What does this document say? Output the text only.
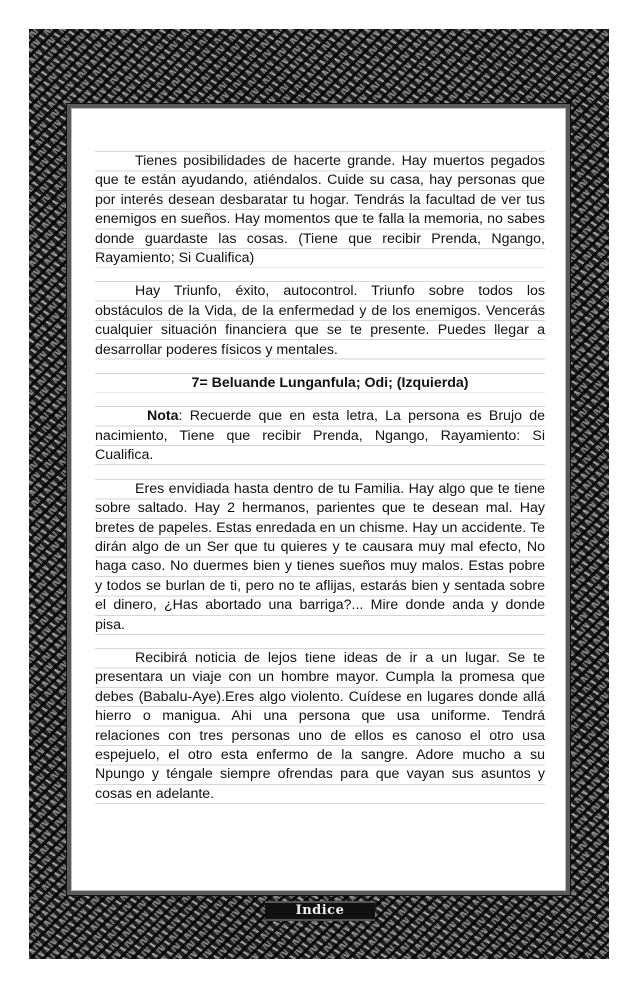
Tienes posibilidades de hacerte grande. Hay muertos pegados que te están ayudando, atiéndalos. Cuide su casa, hay personas que por interés desean desbaratar tu hogar. Tendrás la facultad de ver tus enemigos en sueños. Hay momentos que te falla la memoria, no sabes donde guardaste las cosas. (Tiene que recibir Prenda, Ngango, Rayamiento; Si Cualifica)

Hay Triunfo, éxito, autocontrol. Triunfo sobre todos los obstáculos de la Vida, de la enfermedad y de los enemigos. Vencerás cualquier situación financiera que se te presente. Puedes llegar a desarrollar poderes físicos y mentales.

7= Beluande Lunganfula; Odi; (Izquierda)

Nota: Recuerde que en esta letra, La persona es Brujo de nacimiento, Tiene que recibir Prenda, Ngango, Rayamiento: Si Cualifica.

Eres envidiada hasta dentro de tu Familia. Hay algo que te tiene sobre saltado. Hay 2 hermanos, parientes que te desean mal. Hay bretes de papeles. Estas enredada en un chisme. Hay un accidente. Te dirán algo de un Ser que tu quieres y te causara muy mal efecto, No haga caso. No duermes bien y tienes sueños muy malos. Estas pobre y todos se burlan de ti, pero no te aflijas, estarás bien y sentada sobre el dinero, ¿Has abortado una barriga?... Mire donde anda y donde pisa.

Recibirá noticia de lejos tiene ideas de ir a un lugar. Se te presentara un viaje con un hombre mayor. Cumpla la promesa que debes (Babalu-Aye).Eres algo violento. Cuídese en lugares donde allá hierro o manigua. Ahi una persona que usa uniforme. Tendrá relaciones con tres personas uno de ellos es canoso el otro usa espejuelo, el otro esta enfermo de la sangre. Adore mucho a su Npungo y téngale siempre ofrendas para que vayan sus asuntos y cosas en adelante.

Indice
